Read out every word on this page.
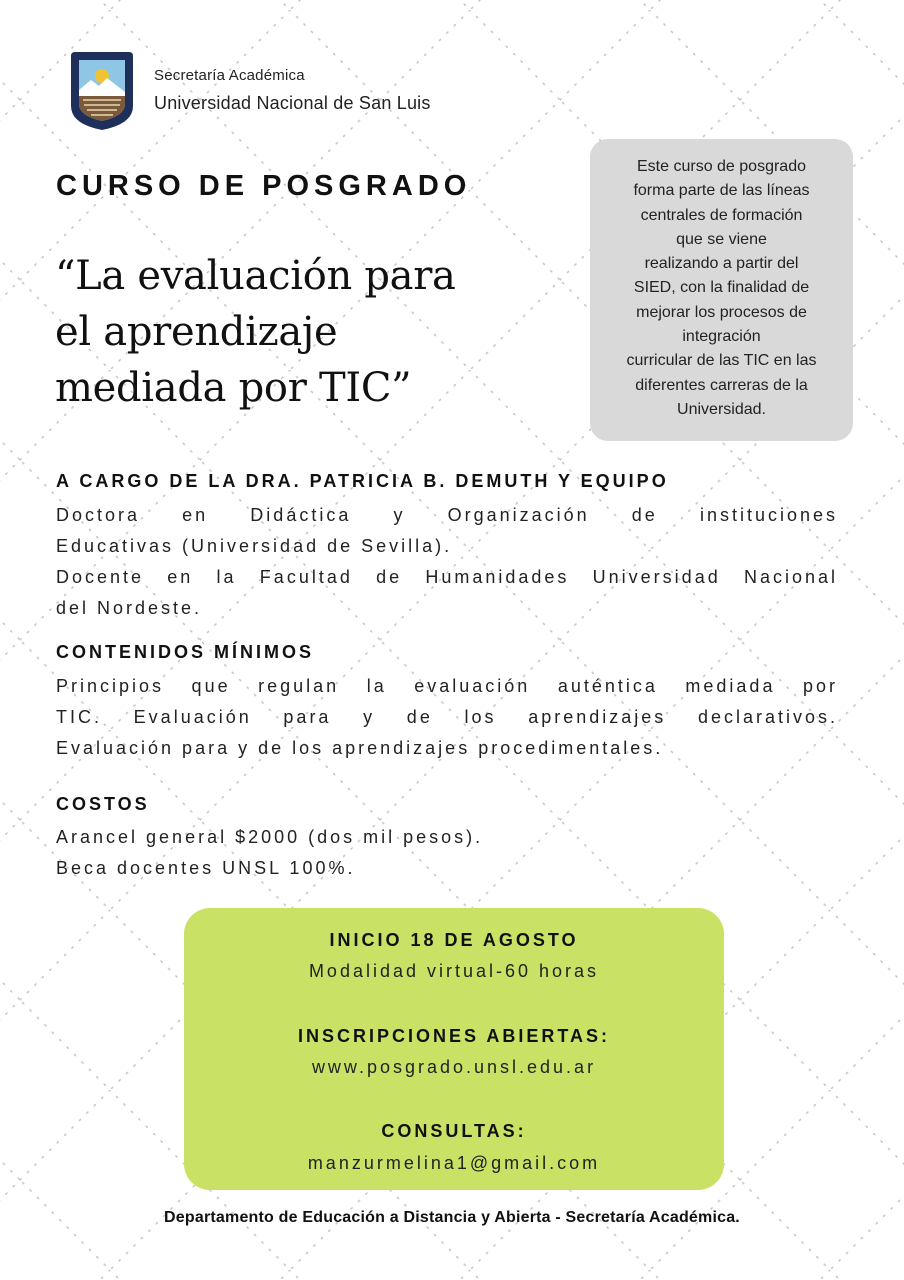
Secretaría Académica
Universidad Nacional de San Luis
CURSO DE POSGRADO
“La evaluación para
el aprendizaje
mediada por TIC”
Este curso de posgrado
forma parte de las líneas
centrales de formación
que se viene
realizando a partir del
SIED, con la finalidad de
mejorar los procesos de
integración
curricular de las TIC en las
diferentes carreras de la
Universidad.
A CARGO DE LA DRA. PATRICIA B. DEMUTH Y EQUIPO
Doctora en Didáctica y Organización de instituciones
Educativas (Universidad de Sevilla).
Docente en la Facultad de Humanidades Universidad Nacional
del Nordeste.
CONTENIDOS MÍNIMOS
Principios que regulan la evaluación auténtica mediada por
TIC. Evaluación para y de los aprendizajes declarativos.
Evaluación para y de los aprendizajes procedimentales.
COSTOS
Arancel general $2000 (dos mil pesos).
Beca docentes UNSL 100%.
INICIO 18 DE AGOSTO
Modalidad virtual-60 horas
INSCRIPCIONES ABIERTAS:
www.posgrado.unsl.edu.ar
CONSULTAS:
manzurmelina1@gmail.com
Departamento de Educación a Distancia y Abierta - Secretaría Académica.
